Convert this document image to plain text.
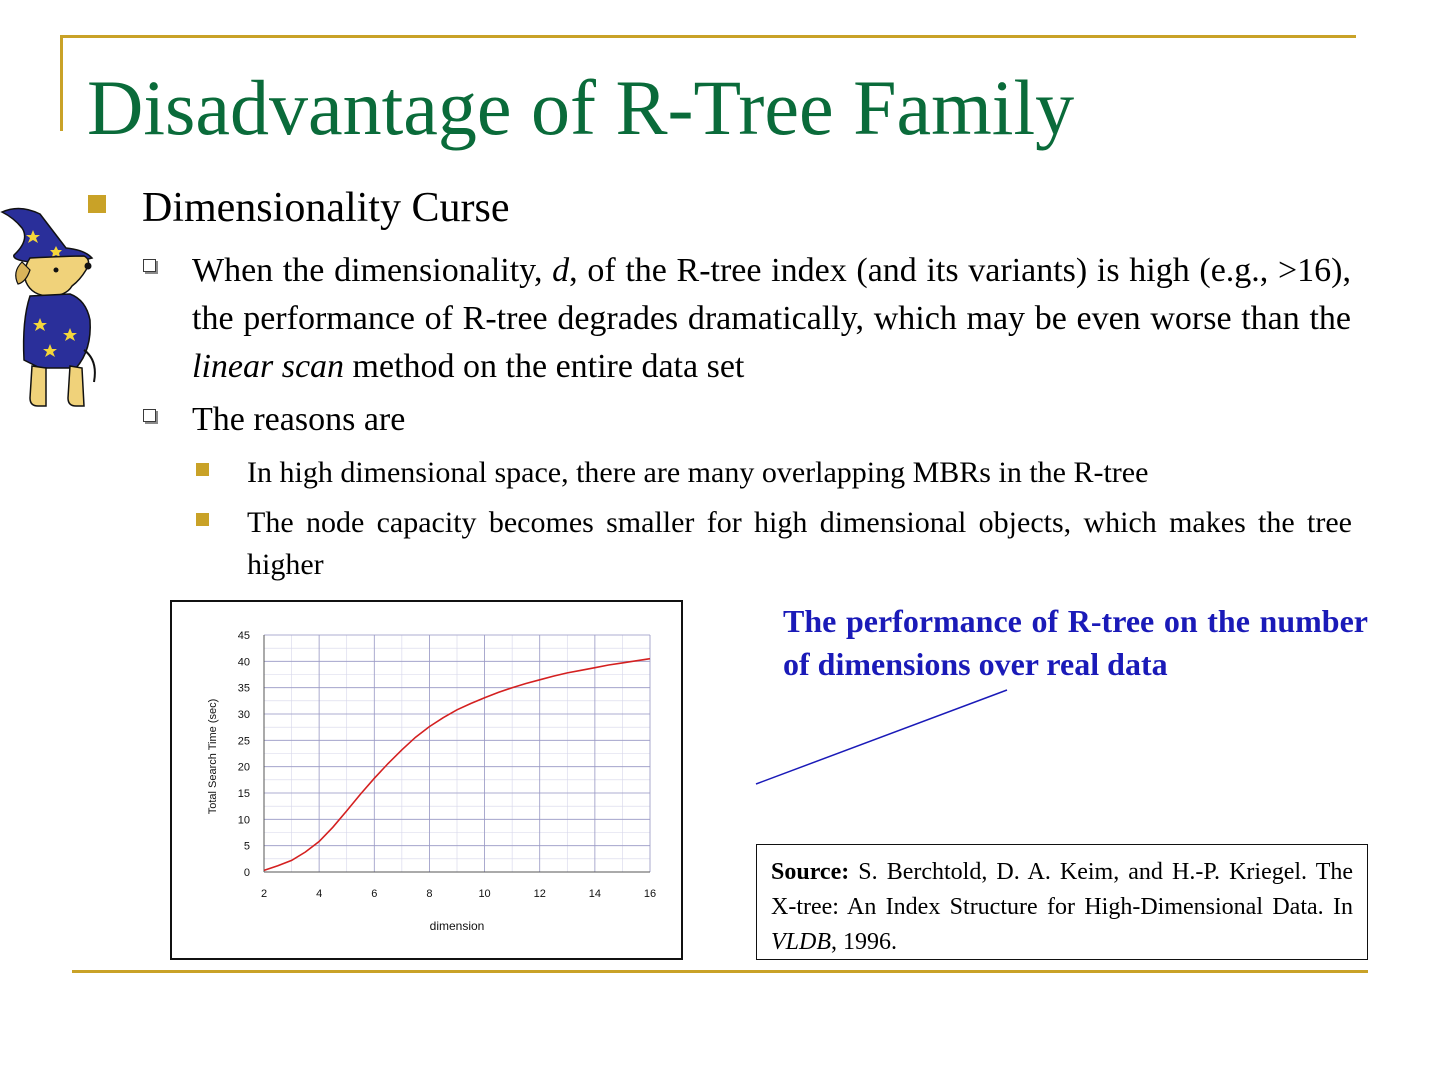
Disadvantage of R-Tree Family
Dimensionality Curse
When the dimensionality, d, of the R-tree index (and its variants) is high (e.g., >16), the performance of R-tree degrades dramatically, which may be even worse than the linear scan method on the entire data set
The reasons are
In high dimensional space, there are many overlapping MBRs in the R-tree
The node capacity becomes smaller for high dimensional objects, which makes the tree higher
0
5
10
15
20
25
30
35
40
45
2	4	6	8	10	12	14	16
dimension
Total Search Time (sec)
The performance of R-tree on the number of dimensions over real data
Source: S. Berchtold, D. A. Keim, and H.-P. Kriegel. The X-tree: An Index Structure for High-Dimensional Data. In VLDB, 1996.
